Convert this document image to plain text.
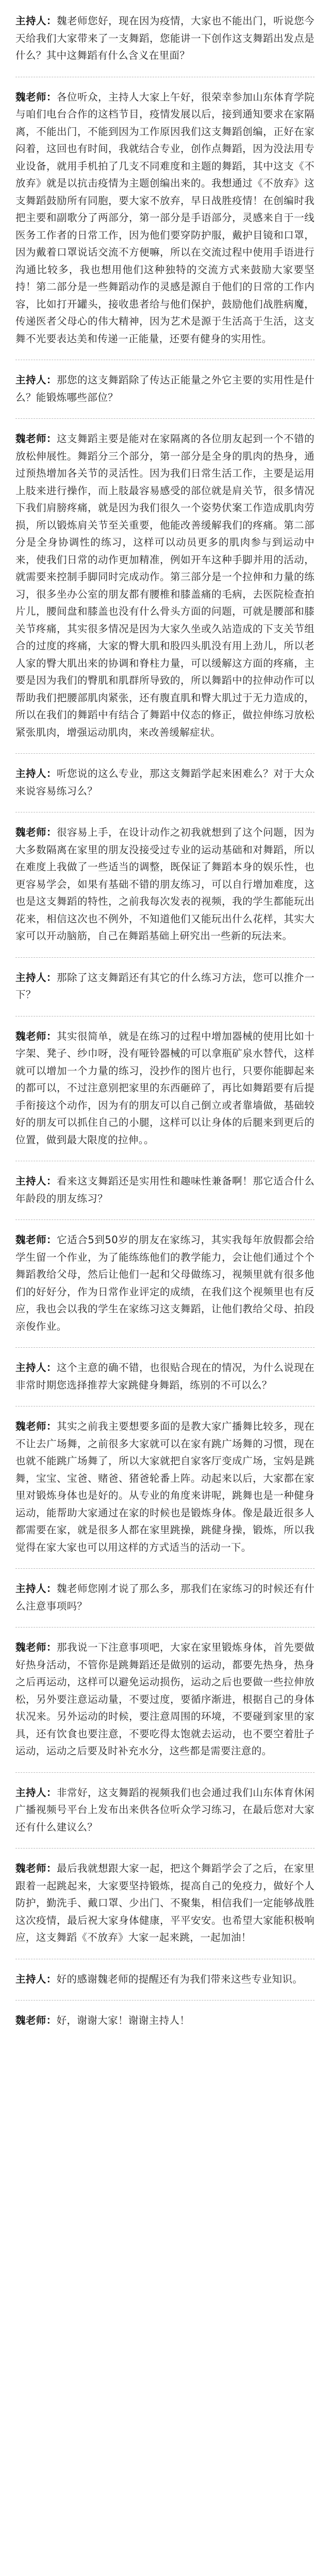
主持人：魏老师您好，现在因为疫情，大家也不能出门，听说您今天给我们大家带来了一支舞蹈，您能讲一下创作这支舞蹈出发点是什么？其中这舞蹈有什么含义在里面？

魏老师：各位听众，主持人大家上午好，很荣幸参加山东体育学院与咱们电台合作的这档节目，疫情发展以后，接到通知要求在家隔离，不能出门，不能到因为工作原因我们这支舞蹈创编，正好在家闷着，这回也有时间，我就结合专业，创作点舞蹈，因为没法用专业设备，就用手机拍了几支不同难度和主题的舞蹈，其中这支《不放弃》就是以抗击疫情为主题创编出来的。我想通过《不放弃》这支舞蹈鼓励所有同胞，要大家不放弃，早日战胜疫情！在创编时我把主要和副歌分了两部分，第一部分是手语部分，灵感来自于一线医务工作者的日常工作，因为他们要穿防护服，戴护目镜和口罩，因为戴着口罩说话交流不方便嘛，所以在交流过程中使用手语进行沟通比较多，我也想用他们这种独特的交流方式来鼓励大家要坚持！第二部分是一些舞蹈动作的灵感是源自于他们的日常的工作内容，比如打开罐头，接收患者给与他们保护，鼓励他们战胜病魔，传递医者父母心的伟大精神，因为艺术是源于生活高于生活，这支舞不光要表达美和传递一正能量，还要有健身的实用性。

主持人：那您的这支舞蹈除了传达正能量之外它主要的实用性是什么？能锻炼哪些部位？

魏老师：这支舞蹈主要是能对在家隔离的各位朋友起到一个不错的放松伸展性。舞蹈分三个部分，第一部分是全身的肌肉的热身，通过预热增加各关节的灵活性。因为我们日常生活工作，主要是运用上肢来进行操作，而上肢最容易感受的部位就是肩关节，很多情况下我们肩膀疼痛，就是因为我们很久一个姿势伏案工作造成肌肉劳损，所以锻炼肩关节至关重要，他能改善缓解我们的疼痛。第二部分是全身协调性的练习，这样可以动员更多的肌肉参与到运动中来，使我们日常的动作更加精准，例如开车这种手脚并用的活动，就需要来控制手脚同时完成动作。第三部分是一个拉伸和力量的练习，很多坐办公室的朋友都有腰椎和膝盖痛的毛病，去医院检查拍片儿，腰间盘和膝盖也没有什么骨头方面的问题，可就是腰部和膝关节疼痛，其实很多情况是因为大家久坐或久站造成的下支关节组合的过度的疼痛，大家的臀大肌和股四头肌没有用上劲儿，所以老人家的臀大肌出来的协调和脊柱力量，可以缓解这方面的疼痛，主要是因为我们的臀肌和肌群所导致的，所以舞蹈中的拉伸动作可以帮助我们把腰部肌肉紧张，还有腹直肌和臀大肌过于无力造成的，所以在我们的舞蹈中有结合了舞蹈中仪态的修正，做拉伸练习放松紧张肌肉，增强运动肌肉，来改善缓解症状。

主持人：听您说的这么专业，那这支舞蹈学起来困难么？对于大众来说容易练习么？

魏老师：很容易上手，在设计动作之初我就想到了这个问题，因为大多数隔离在家里的朋友没接受过专业的运动基础和对舞蹈，所以在难度上我做了一些适当的调整，既保证了舞蹈本身的娱乐性，也更容易学会，如果有基础不错的朋友练习，可以自行增加难度，这也是这支舞蹈的特性，之前我每次发表的视频，我的学生都能玩出花来，相信这次也不例外，不知道他们又能玩出什么花样，其实大家可以开动脑筋，自己在舞蹈基础上研究出一些新的玩法来。

主持人：那除了这支舞蹈还有其它的什么练习方法，您可以推介一下？

魏老师：其实很简单，就是在练习的过程中增加器械的使用比如十字架、凳子、纱巾呀，没有哑铃器械的可以拿瓶矿泉水替代，这样就可以增加一个力量的练习，没抄作的图片也行，只要你能脚起来的都可以，不过注意别把家里的东西砸碎了，再比如舞蹈要有后提手衔接这个动作，因为有的朋友可以自己倒立或者靠墙做，基础较好的朋友可以抓住自己的小腿，这样可以让身体的后腿来到更后的位置，做到最大限度的拉伸。。

主持人：看来这支舞蹈还是实用性和趣味性兼备啊！那它适合什么年龄段的朋友练习？

魏老师：它适合5到50岁的朋友在家练习，其实我每年放假都会给学生留一个作业，为了能练练他们的教学能力，会让他们通过个个舞蹈教给父母，然后让他们一起和父母做练习，视频里就有很多他们的好好分，作为日常作业评定的成绩，在我们这个视频里也有反应，我也会以我的学生在家练习这支舞蹈，让他们教给父母、拍段亲俊作业。

主持人：这个主意的确不错，也很贴合现在的情况，为什么说现在非常时期您选择推荐大家跳健身舞蹈，练别的不可以么？

魏老师：其实之前我主要想要多面的是教大家广播舞比较多，现在不让去广场舞，之前很多大家就可以在家有跳广场舞的习惯，现在也就不能跳广场舞了，所以大家就把自家客厅变成广场，宝妈是跳舞，宝宝、宝爸、赌爸、猪爸轮番上阵。动起来以后，大家都在家里对锻炼身体也是好的。从专业的角度来讲呢，跳舞也是一种健身运动，能帮助大家通过在家的时候也是锻炼身体。像是最近很多人都需要在家，就是很多人都在家里跳操，跳健身操，锻炼，所以我觉得在家大家也可以用这样的方式适当的活动一下。

主持人：魏老师您刚才说了那么多，那我们在家练习的时候还有什么注意事项吗？

魏老师：那我说一下注意事项吧，大家在家里锻炼身体，首先要做好热身活动，不管你是跳舞蹈还是做别的运动，都要先热身，热身之后再运动，这样可以避免运动损伤，运动之后也要做一些拉伸放松，另外要注意运动量，不要过度，要循序渐进，根据自己的身体状况来。另外运动的时候，要注意周围的环境，不要碰到家里的家具，还有饮食也要注意，不要吃得太饱就去运动，也不要空着肚子运动，运动之后要及时补充水分，这些都是需要注意的。

主持人：非常好，这支舞蹈的视频我们也会通过我们山东体育休闲广播视频号平台上发布出来供各位听众学习练习，在最后您对大家还有什么建议么？

魏老师：最后我就想跟大家一起，把这个舞蹈学会了之后，在家里跟着一起跳起来，大家要坚持锻炼，提高自己的免疫力，做好个人防护，勤洗手、戴口罩、少出门、不聚集，相信我们一定能够战胜这次疫情，最后祝大家身体健康，平平安安。也希望大家能积极响应，这支舞蹈《不放弃》大家一起来跳，一起加油！

主持人：好的感谢魏老师的提醒还有为我们带来这些专业知识。

魏老师：好，谢谢大家！谢谢主持人！
